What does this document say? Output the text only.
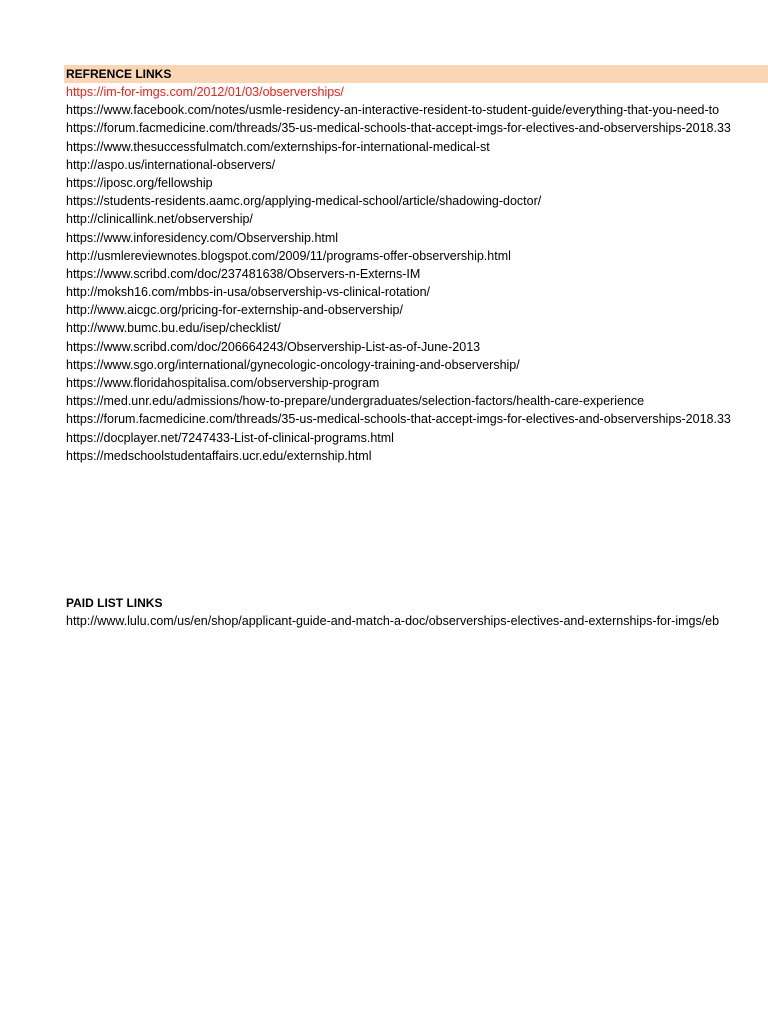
REFRENCE LINKS
https://im-for-imgs.com/2012/01/03/observerships/
https://www.facebook.com/notes/usmle-residency-an-interactive-resident-to-student-guide/everything-that-you-need-to
https://forum.facmedicine.com/threads/35-us-medical-schools-that-accept-imgs-for-electives-and-observerships-2018.33
https://www.thesuccessfulmatch.com/externships-for-international-medical-st
http://aspo.us/international-observers/
https://iposc.org/fellowship
https://students-residents.aamc.org/applying-medical-school/article/shadowing-doctor/
http://clinicallink.net/observership/
https://www.inforesidency.com/Observership.html
http://usmlereviewnotes.blogspot.com/2009/11/programs-offer-observership.html
https://www.scribd.com/doc/237481638/Observers-n-Externs-IM
http://moksh16.com/mbbs-in-usa/observership-vs-clinical-rotation/
http://www.aicgc.org/pricing-for-externship-and-observership/
http://www.bumc.bu.edu/isep/checklist/
https://www.scribd.com/doc/206664243/Observership-List-as-of-June-2013
https://www.sgo.org/international/gynecologic-oncology-training-and-observership/
https://www.floridahospitalisa.com/observership-program
https://med.unr.edu/admissions/how-to-prepare/undergraduates/selection-factors/health-care-experience
https://forum.facmedicine.com/threads/35-us-medical-schools-that-accept-imgs-for-electives-and-observerships-2018.33
https://docplayer.net/7247433-List-of-clinical-programs.html
https://medschoolstudentaffairs.ucr.edu/externship.html
PAID LIST LINKS
http://www.lulu.com/us/en/shop/applicant-guide-and-match-a-doc/observerships-electives-and-externships-for-imgs/eb
